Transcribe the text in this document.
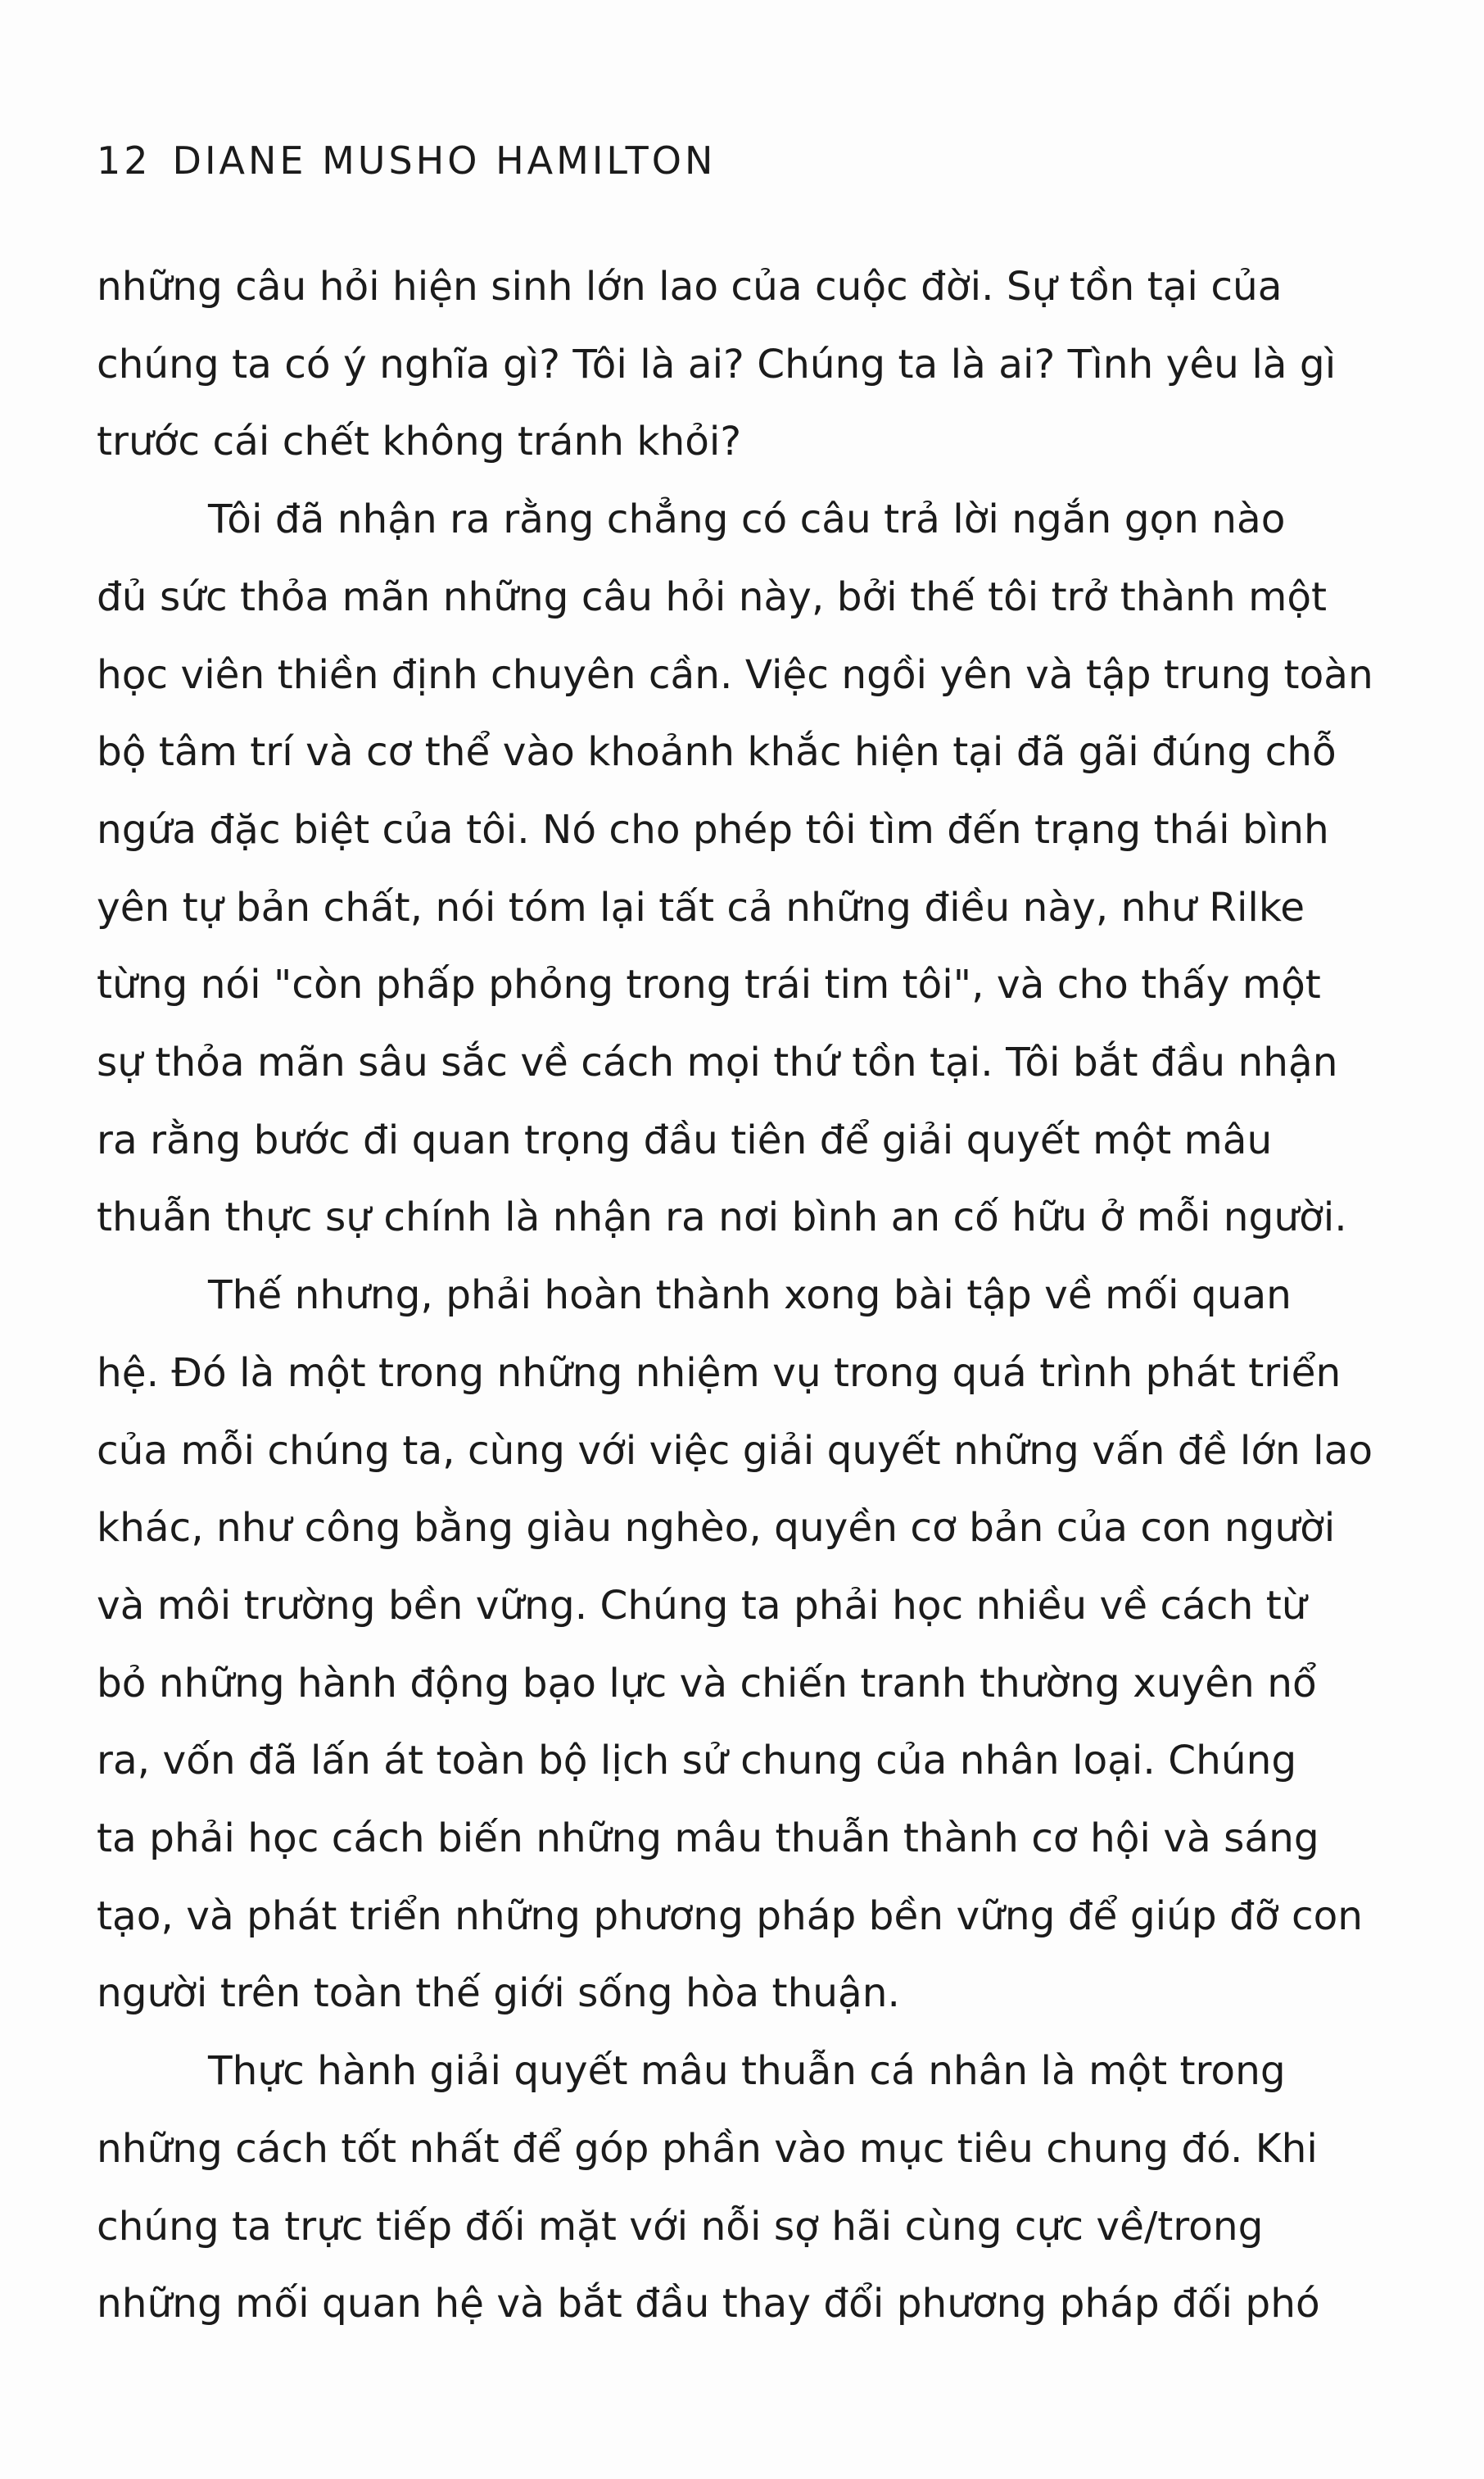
12 DIANE MUSHO HAMILTON

những câu hỏi hiện sinh lớn lao của cuộc đời. Sự tồn tại của
chúng ta có ý nghĩa gì? Tôi là ai? Chúng ta là ai? Tình yêu là gì
trước cái chết không tránh khỏi?

Tôi đã nhận ra rằng chẳng có câu trả lời ngắn gọn nào
đủ sức thỏa mãn những câu hỏi này, bởi thế tôi trở thành một
học viên thiền định chuyên cần. Việc ngồi yên và tập trung toàn
bộ tâm trí và cơ thể vào khoảnh khắc hiện tại đã gãi đúng chỗ
ngứa đặc biệt của tôi. Nó cho phép tôi tìm đến trạng thái bình
yên tự bản chất, nói tóm lại tất cả những điều này, như Rilke
từng nói "còn phấp phỏng trong trái tim tôi", và cho thấy một
sự thỏa mãn sâu sắc về cách mọi thứ tồn tại. Tôi bắt đầu nhận
ra rằng bước đi quan trọng đầu tiên để giải quyết một mâu
thuẫn thực sự chính là nhận ra nơi bình an cố hữu ở mỗi người.

Thế nhưng, phải hoàn thành xong bài tập về mối quan
hệ. Đó là một trong những nhiệm vụ trong quá trình phát triển
của mỗi chúng ta, cùng với việc giải quyết những vấn đề lớn lao
khác, như công bằng giàu nghèo, quyền cơ bản của con người
và môi trường bền vững. Chúng ta phải học nhiều về cách từ
bỏ những hành động bạo lực và chiến tranh thường xuyên nổ
ra, vốn đã lấn át toàn bộ lịch sử chung của nhân loại. Chúng
ta phải học cách biến những mâu thuẫn thành cơ hội và sáng
tạo, và phát triển những phương pháp bền vững để giúp đỡ con
người trên toàn thế giới sống hòa thuận.

Thực hành giải quyết mâu thuẫn cá nhân là một trong
những cách tốt nhất để góp phần vào mục tiêu chung đó. Khi
chúng ta trực tiếp đối mặt với nỗi sợ hãi cùng cực về/trong
những mối quan hệ và bắt đầu thay đổi phương pháp đối phó
